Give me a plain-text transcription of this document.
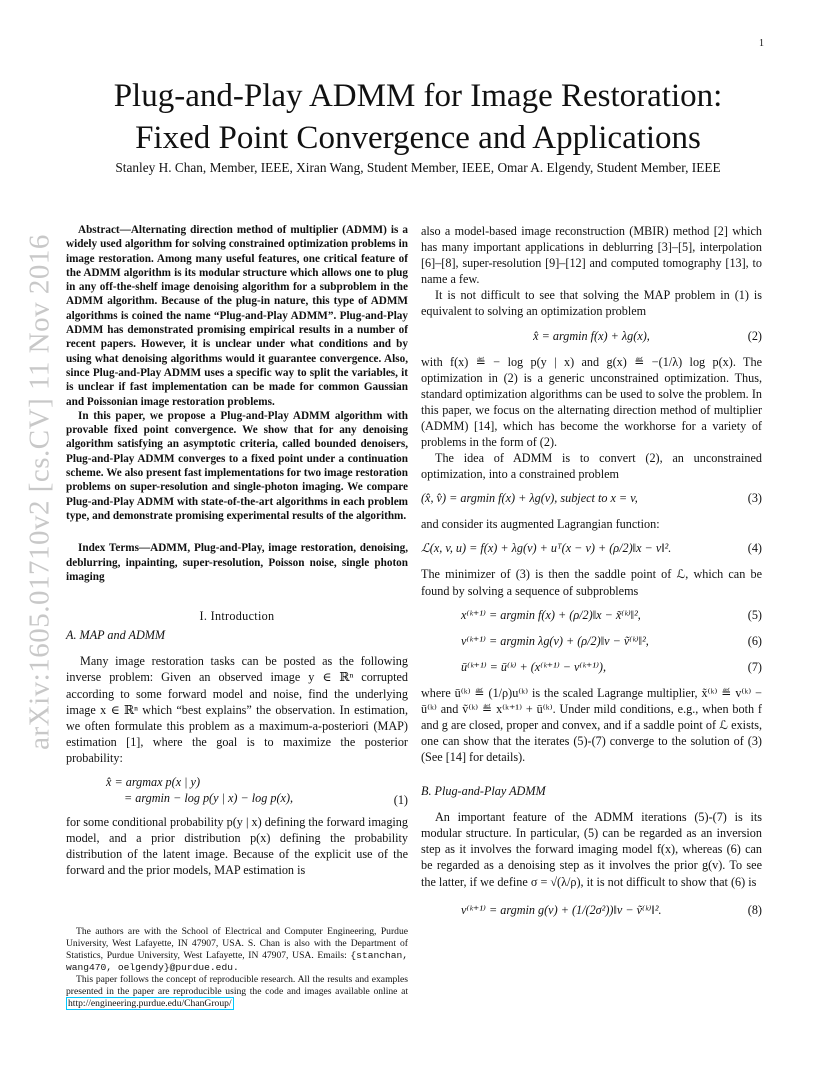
1
arXiv:1605.01710v2 [cs.CV] 11 Nov 2016
Plug-and-Play ADMM for Image Restoration:
Fixed Point Convergence and Applications
Stanley H. Chan, Member, IEEE, Xiran Wang, Student Member, IEEE, Omar A. Elgendy, Student Member, IEEE

Abstract—Alternating direction method of multiplier (ADMM) is a widely used algorithm for solving constrained optimization problems in image restoration. Among many useful features, one critical feature of the ADMM algorithm is its modular structure which allows one to plug in any off-the-shelf image denoising algorithm for a subproblem in the ADMM algorithm. Because of the plug-in nature, this type of ADMM algorithms is coined the name “Plug-and-Play ADMM”. Plug-and-Play ADMM has demonstrated promising empirical results in a number of recent papers. However, it is unclear under what conditions and by using what denoising algorithms would it guarantee convergence. Also, since Plug-and-Play ADMM uses a specific way to split the variables, it is unclear if fast implementation can be made for common Gaussian and Poissonian image restoration problems.

In this paper, we propose a Plug-and-Play ADMM algorithm with provable fixed point convergence. We show that for any denoising algorithm satisfying an asymptotic criteria, called bounded denoisers, Plug-and-Play ADMM converges to a fixed point under a continuation scheme. We also present fast implementations for two image restoration problems on super-resolution and single-photon imaging. We compare Plug-and-Play ADMM with state-of-the-art algorithms in each problem type, and demonstrate promising experimental results of the algorithm.

Index Terms—ADMM, Plug-and-Play, image restoration, denoising, deblurring, inpainting, super-resolution, Poisson noise, single photon imaging

I. Introduction
A. MAP and ADMM

Many image restoration tasks can be posted as the following inverse problem: Given an observed image y ∈ ℝⁿ corrupted according to some forward model and noise, find the underlying image x ∈ ℝⁿ which “best explains” the observation. In estimation, we often formulate this problem as a maximum-a-posteriori (MAP) estimation [1], where the goal is to maximize the posterior probability:

x̂ = argmax p(x | y)
= argmin − log p(y | x) − log p(x),	(1)

for some conditional probability p(y | x) defining the forward imaging model, and a prior distribution p(x) defining the probability distribution of the latent image. Because of the explicit use of the forward and the prior models, MAP estimation is

The authors are with the School of Electrical and Computer Engineering, Purdue University, West Lafayette, IN 47907, USA. S. Chan is also with the Department of Statistics, Purdue University, West Lafayette, IN 47907, USA. Emails: {stanchan, wang470, oelgendy}@purdue.edu.

This paper follows the concept of reproducible research. All the results and examples presented in the paper are reproducible using the code and images available online at http://engineering.purdue.edu/ChanGroup/

also a model-based image reconstruction (MBIR) method [2] which has many important applications in deblurring [3]–[5], interpolation [6]–[8], super-resolution [9]–[12] and computed tomography [13], to name a few.

It is not difficult to see that solving the MAP problem in (1) is equivalent to solving an optimization problem

x̂ = argmin f(x) + λg(x),	(2)

with f(x) ≝ − log p(y | x) and g(x) ≝ −(1/λ) log p(x). The optimization in (2) is a generic unconstrained optimization. Thus, standard optimization algorithms can be used to solve the problem. In this paper, we focus on the alternating direction method of multiplier (ADMM) [14], which has become the workhorse for a variety of problems in the form of (2).

The idea of ADMM is to convert (2), an unconstrained optimization, into a constrained problem

(x̂, v̂) = argmin f(x) + λg(v), subject to x = v,	(3)

and consider its augmented Lagrangian function:

ℒ(x, v, u) = f(x) + λg(v) + uᵀ(x − v) + (ρ/2)‖x − v‖².	(4)

The minimizer of (3) is then the saddle point of ℒ, which can be found by solving a sequence of subproblems

x⁽ᵏ⁺¹⁾ = argmin f(x) + (ρ/2)‖x − x̃⁽ᵏ⁾‖²,	(5)
v⁽ᵏ⁺¹⁾ = argmin λg(v) + (ρ/2)‖v − ṽ⁽ᵏ⁾‖²,	(6)
ū⁽ᵏ⁺¹⁾ = ū⁽ᵏ⁾ + (x⁽ᵏ⁺¹⁾ − v⁽ᵏ⁺¹⁾),	(7)

where ū⁽ᵏ⁾ ≝ (1/ρ)u⁽ᵏ⁾ is the scaled Lagrange multiplier, x̃⁽ᵏ⁾ ≝ v⁽ᵏ⁾ − ū⁽ᵏ⁾ and ṽ⁽ᵏ⁾ ≝ x⁽ᵏ⁺¹⁾ + ū⁽ᵏ⁾. Under mild conditions, e.g., when both f and g are closed, proper and convex, and if a saddle point of ℒ exists, one can show that the iterates (5)-(7) converge to the solution of (3) (See [14] for details).

B. Plug-and-Play ADMM

An important feature of the ADMM iterations (5)-(7) is its modular structure. In particular, (5) can be regarded as an inversion step as it involves the forward imaging model f(x), whereas (6) can be regarded as a denoising step as it involves the prior g(v). To see the latter, if we define σ = √(λ/ρ), it is not difficult to show that (6) is

v⁽ᵏ⁺¹⁾ = argmin g(v) + (1/(2σ²))‖v − ṽ⁽ᵏ⁾‖².	(8)
